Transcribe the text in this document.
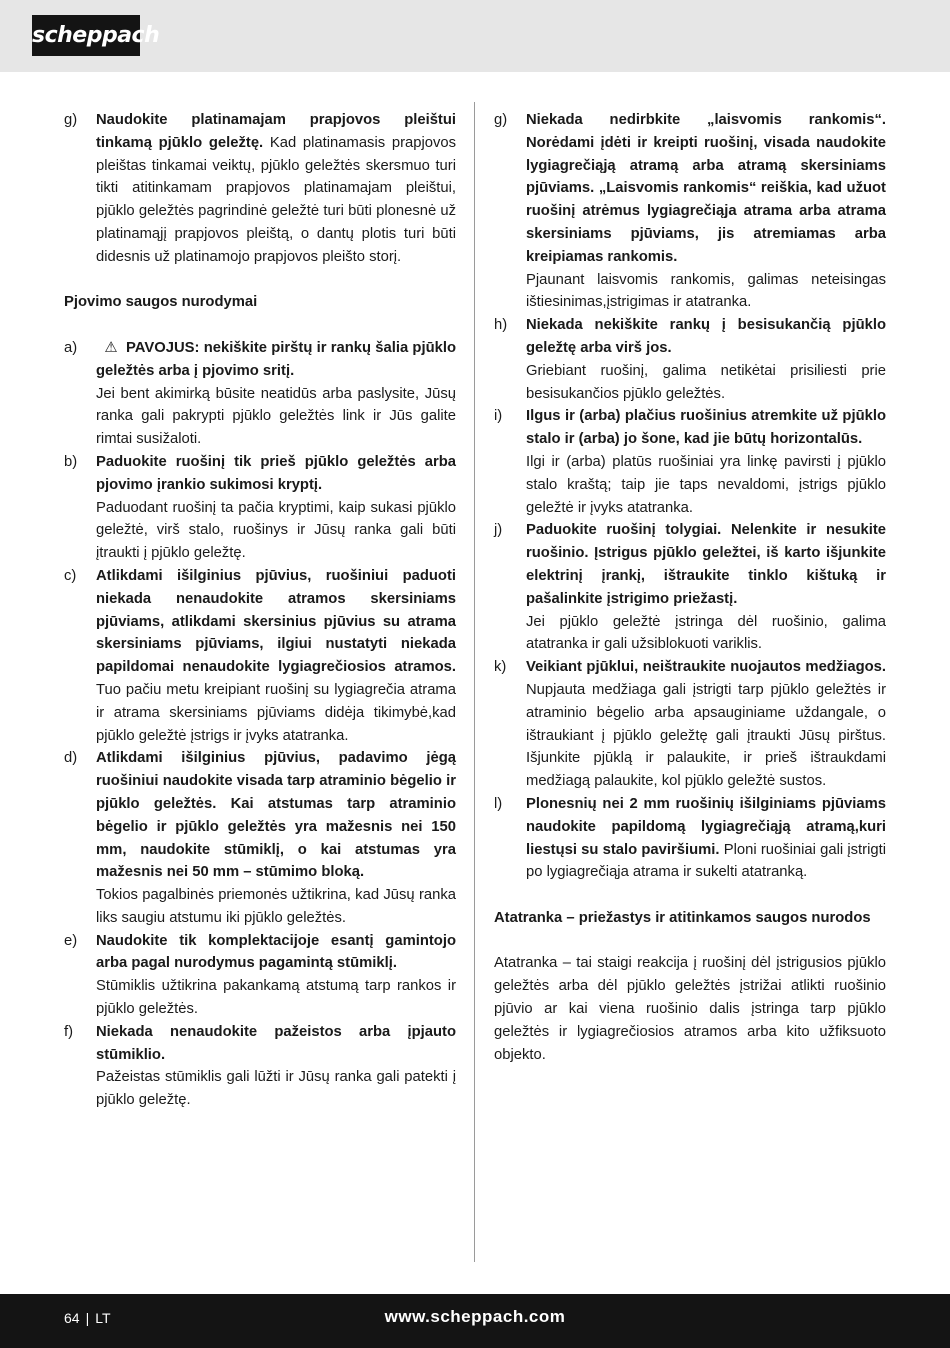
scheppach
g) Naudokite platinamajam prapjovos pleištui tinkamą pjūklo geležtę. Kad platinamasis prapjovos pleištas tinkamai veiktų, pjūklo geležtės skersmuo turi tikti atitinkamam prapjovos platinamajam pleištui, pjūklo geležtės pagrindinė geležtė turi būti plonesnė už platinamąjį prapjovos pleištą, o dantų plotis turi būti didesnis už platinamojo prapjovos pleišto storį.

Pjovimo saugos nurodymai

a)	⚠ PAVOJUS: nekiškite pirštų ir rankų šalia pjūklo geležtės arba į pjovimo sritį.

Jei bent akimirką būsite neatidūs arba paslysite, Jūsų ranka gali pakrypti pjūklo geležtės link ir Jūs galite rimtai susižaloti.

b) Paduokite ruošinį tik prieš pjūklo geležtės arba pjovimo įrankio sukimosi kryptį.

Paduodant ruošinį ta pačia kryptimi, kaip sukasi pjūklo geležtė, virš stalo, ruošinys ir Jūsų ranka gali būti įtraukti į pjūklo geležtę.

c) Atlikdami išilginius pjūvius, ruošiniui paduoti niekada nenaudokite atramos skersiniams pjūviams, atlikdami skersinius pjūvius su atrama skersiniams pjūviams, ilgiui nustatyti niekada papildomai nenaudokite lygiagrečiosios atramos. Tuo pačiu metu kreipiant ruošinį su lygiagrečia atrama ir atrama skersiniams pjūviams didėja tikimybė,kad pjūklo geležtė įstrigs ir įvyks atatranka.

d) Atlikdami išilginius pjūvius, padavimo jėgą ruošiniui naudokite visada tarp atraminio bėgelio ir pjūklo geležtės. Kai atstumas tarp atraminio bėgelio ir pjūklo geležtės yra mažesnis nei 150 mm, naudokite stūmiklį, o kai atstumas yra mažesnis nei 50 mm – stūmimo bloką.

Tokios pagalbinės priemonės užtikrina, kad Jūsų ranka liks saugiu atstumu iki pjūklo geležtės.

e) Naudokite tik komplektacijoje esantį gamintojo arba pagal nurodymus pagamintą stūmiklį.

Stūmiklis užtikrina pakankamą atstumą tarp rankos ir pjūklo geležtės.

f) Niekada nenaudokite pažeistos arba įpjauto stūmiklio.

Pažeistas stūmiklis gali lūžti ir Jūsų ranka gali patekti į pjūklo geležtę.

g) Niekada nedirbkite „laisvomis rankomis“. Norėdami įdėti ir kreipti ruošinį, visada naudokite lygiagrečiąją atramą arba atramą skersiniams pjūviams. „Laisvomis rankomis“ reiškia, kad užuot ruošinį atrėmus lygiagrečiąja atrama arba atrama skersiniams pjūviams, jis atremiamas arba kreipiamas rankomis.

Pjaunant laisvomis rankomis, galimas neteisingas ištiesinimas,įstrigimas ir atatranka.

h) Niekada nekiškite rankų į besisukančią pjūklo geležtę arba virš jos.

Griebiant ruošinį, galima netikėtai prisiliesti prie besisukančios pjūklo geležtės.

i) Ilgus ir (arba) plačius ruošinius atremkite už pjūklo stalo ir (arba) jo šone, kad jie būtų horizontalūs.

Ilgi ir (arba) platūs ruošiniai yra linkę pavirsti į pjūklo stalo kraštą; taip jie taps nevaldomi, įstrigs pjūklo geležtė ir įvyks atatranka.

j) Paduokite ruošinį tolygiai. Nelenkite ir nesukite ruošinio. Įstrigus pjūklo geležtei, iš karto išjunkite elektrinį įrankį, ištraukite tinklo kištuką ir pašalinkite įstrigimo priežastį.

Jei pjūklo geležtė įstringa dėl ruošinio, galima atatranka ir gali užsiblokuoti variklis.

k) Veikiant pjūklui, neištraukite nuojautos medžiagos. Nupjauta medžiaga gali įstrigti tarp pjūklo geležtės ir atraminio bėgelio arba apsauginiame uždangale, o ištraukiant į pjūklo geležtę gali įtraukti Jūsų pirštus. Išjunkite pjūklą ir palaukite, ir prieš ištraukdami medžiagą palaukite, kol pjūklo geležtė sustos.

l) Plonesnių nei 2 mm ruošinių išilginiams pjūviams naudokite papildomą lygiagrečiąją atramą,kuri liestųsi su stalo paviršiumi. Ploni ruošiniai gali įstrigti po lygiagrečiąja atrama ir sukelti atatranką.

Atatranka – priežastys ir atitinkamos saugos nurodos

Atatranka – tai staigi reakcija į ruošinį dėl įstrigusios pjūklo geležtės arba dėl pjūklo geležtės įstrižai atlikti ruošinio pjūvio ar kai viena ruošinio dalis įstringa tarp pjūklo geležtės ir lygiagrečiosios atramos arba kito užfiksuoto objekto.

64 | LT	www.scheppach.com
